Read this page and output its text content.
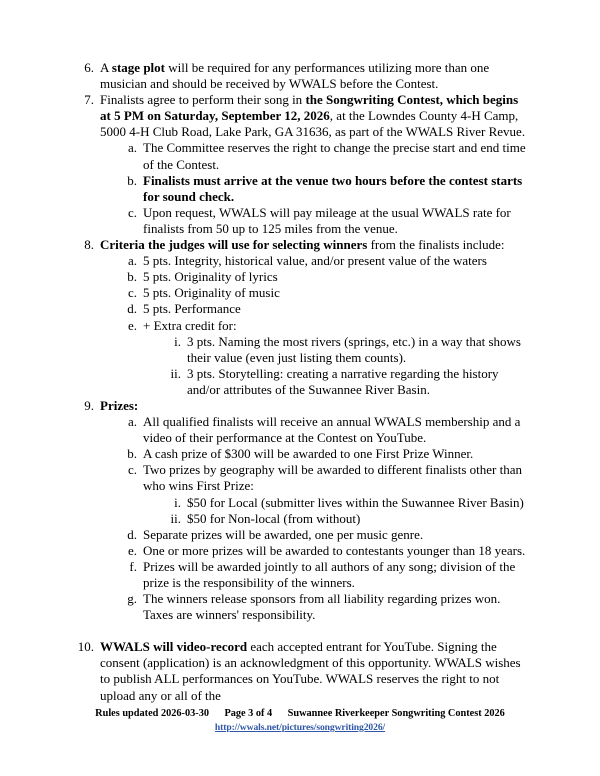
6. A stage plot will be required for any performances utilizing more than one musician and should be received by WWALS before the Contest.
7. Finalists agree to perform their song in the Songwriting Contest, which begins at 5 PM on Saturday, September 12, 2026, at the Lowndes County 4-H Camp, 5000 4-H Club Road, Lake Park, GA 31636, as part of the WWALS River Revue.
a. The Committee reserves the right to change the precise start and end time of the Contest.
b. Finalists must arrive at the venue two hours before the contest starts for sound check.
c. Upon request, WWALS will pay mileage at the usual WWALS rate for finalists from 50 up to 125 miles from the venue.
8. Criteria the judges will use for selecting winners from the finalists include:
a. 5 pts. Integrity, historical value, and/or present value of the waters
b. 5 pts. Originality of lyrics
c. 5 pts. Originality of music
d. 5 pts. Performance
e. + Extra credit for:
i. 3 pts. Naming the most rivers (springs, etc.) in a way that shows their value (even just listing them counts).
ii. 3 pts. Storytelling: creating a narrative regarding the history and/or attributes of the Suwannee River Basin.
9. Prizes:
a. All qualified finalists will receive an annual WWALS membership and a video of their performance at the Contest on YouTube.
b. A cash prize of $300 will be awarded to one First Prize Winner.
c. Two prizes by geography will be awarded to different finalists other than who wins First Prize:
i. $50 for Local (submitter lives within the Suwannee River Basin)
ii. $50 for Non-local (from without)
d. Separate prizes will be awarded, one per music genre.
e. One or more prizes will be awarded to contestants younger than 18 years.
f. Prizes will be awarded jointly to all authors of any song; division of the prize is the responsibility of the winners.
g. The winners release sponsors from all liability regarding prizes won. Taxes are winners' responsibility.
10. WWALS will video-record each accepted entrant for YouTube. Signing the consent (application) is an acknowledgment of this opportunity. WWALS wishes to publish ALL performances on YouTube. WWALS reserves the right to not upload any or all of the
Rules updated 2026-03-30      Page 3 of 4      Suwannee Riverkeeper Songwriting Contest 2026
http://wwals.net/pictures/songwriting2026/
